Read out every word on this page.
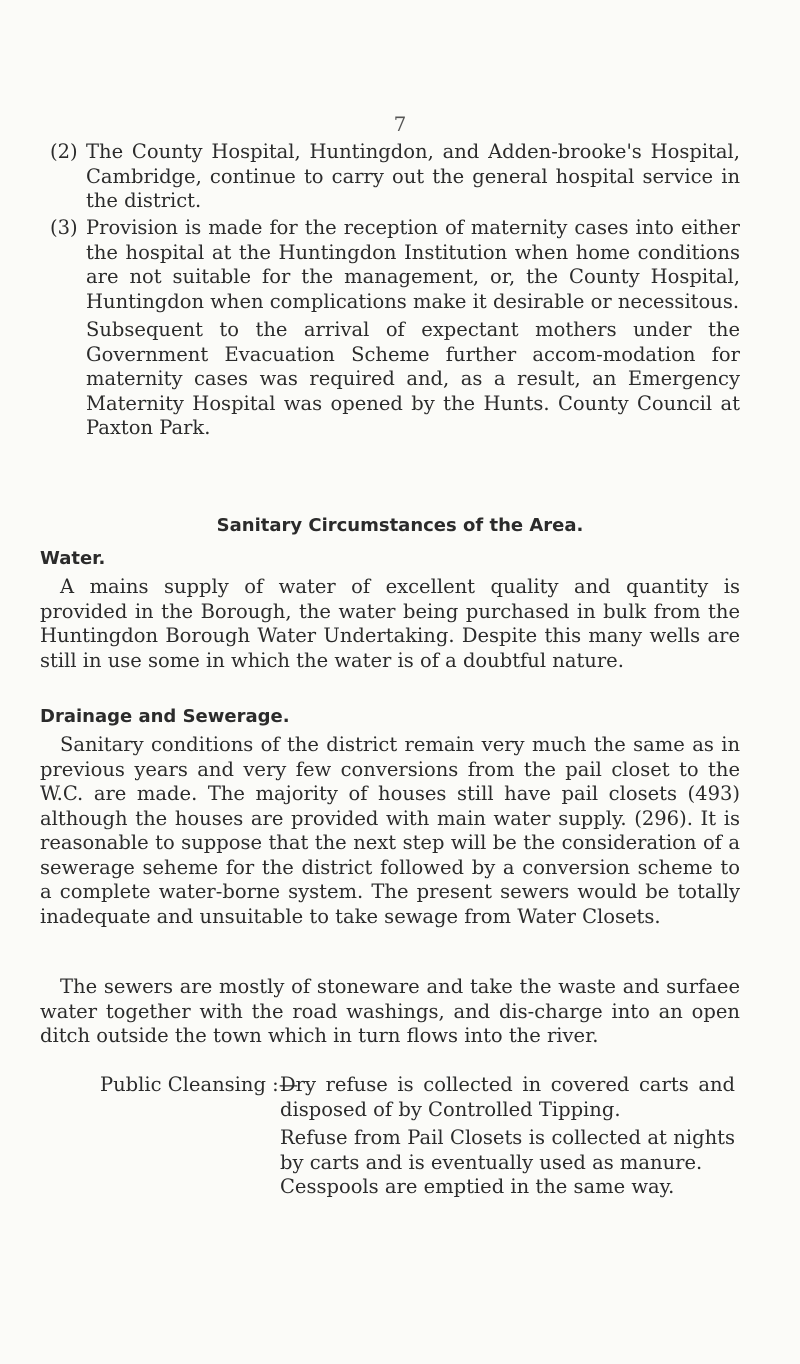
7
(2) The County Hospital, Huntingdon, and Adden-brooke's Hospital, Cambridge, continue to carry out the general hospital service in the district.
(3) Provision is made for the reception of maternity cases into either the hospital at the Huntingdon Institution when home conditions are not suitable for the management, or, the County Hospital, Huntingdon when complications make it desirable or necessitous.
Subsequent to the arrival of expectant mothers under the Government Evacuation Scheme further accom-modation for maternity cases was required and, as a result, an Emergency Maternity Hospital was opened by the Hunts. County Council at Paxton Park.
Sanitary Circumstances of the Area.
Water.
A mains supply of water of excellent quality and quantity is provided in the Borough, the water being purchased in bulk from the Huntingdon Borough Water Undertaking. Despite this many wells are still in use some in which the water is of a doubtful nature.
Drainage and Sewerage.
Sanitary conditions of the district remain very much the same as in previous years and very few conversions from the pail closet to the W.C. are made. The majority of houses still have pail closets (493) although the houses are provided with main water supply. (296). It is reasonable to suppose that the next step will be the consideration of a sewerage seheme for the district followed by a conversion scheme to a complete water-borne system. The present sewers would be totally inadequate and unsuitable to take sewage from Water Closets.
The sewers are mostly of stoneware and take the waste and surfaee water together with the road washings, and dis-charge into an open ditch outside the town which in turn flows into the river.
Public Cleansing :—

Dry refuse is collected in covered carts and disposed of by Controlled Tipping.

Refuse from Pail Closets is collected at nights by carts and is eventually used as manure.

Cesspools are emptied in the same way.
